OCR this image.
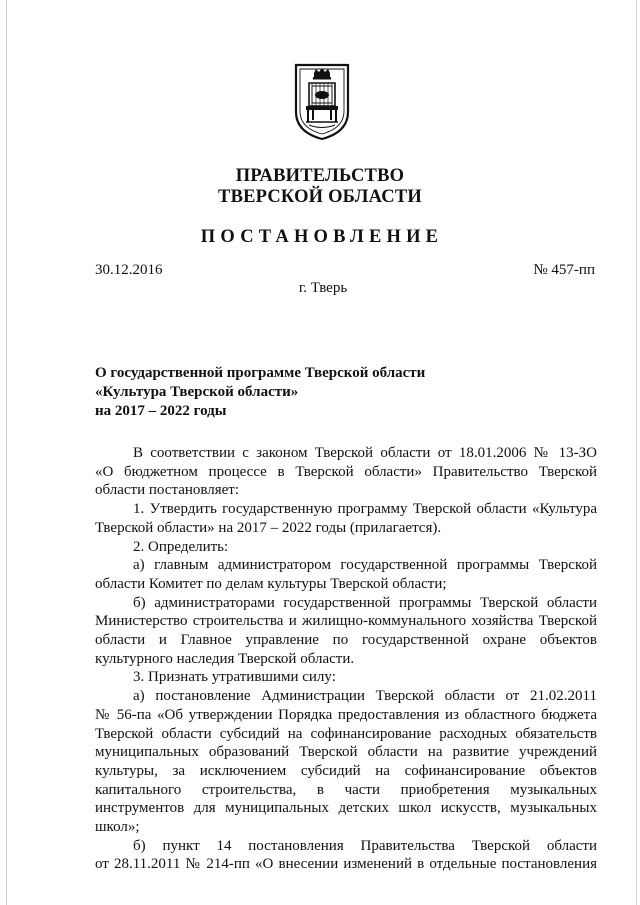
ПРАВИТЕЛЬСТВО
ТВЕРСКОЙ ОБЛАСТИ
ПОСТАНОВЛЕНИЕ
30.12.2016	№ 457-пп
г. Тверь
О государственной программе Тверской области
«Культура Тверской области»
на 2017 – 2022 годы
В соответствии с законом Тверской области от 18.01.2006 № 13-ЗО
«О бюджетном процессе в Тверской области» Правительство Тверской
области постановляет:
1. Утвердить государственную программу Тверской области «Культура
Тверской области» на 2017 – 2022 годы (прилагается).
2. Определить:
а) главным администратором государственной программы Тверской
области Комитет по делам культуры Тверской области;
б) администраторами государственной программы Тверской области
Министерство строительства и жилищно-коммунального хозяйства Тверской
области и Главное управление по государственной охране объектов
культурного наследия Тверской области.
3. Признать утратившими силу:
а) постановление Администрации Тверской области от 21.02.2011
№ 56-па «Об утверждении Порядка предоставления из областного бюджета
Тверской области субсидий на софинансирование расходных обязательств
муниципальных образований Тверской области на развитие учреждений
культуры, за исключением субсидий на софинансирование объектов
капитального строительства, в части приобретения музыкальных
инструментов для муниципальных детских школ искусств, музыкальных
школ»;
б) пункт 14 постановления Правительства Тверской области
от 28.11.2011 № 214-пп «О внесении изменений в отдельные постановления
